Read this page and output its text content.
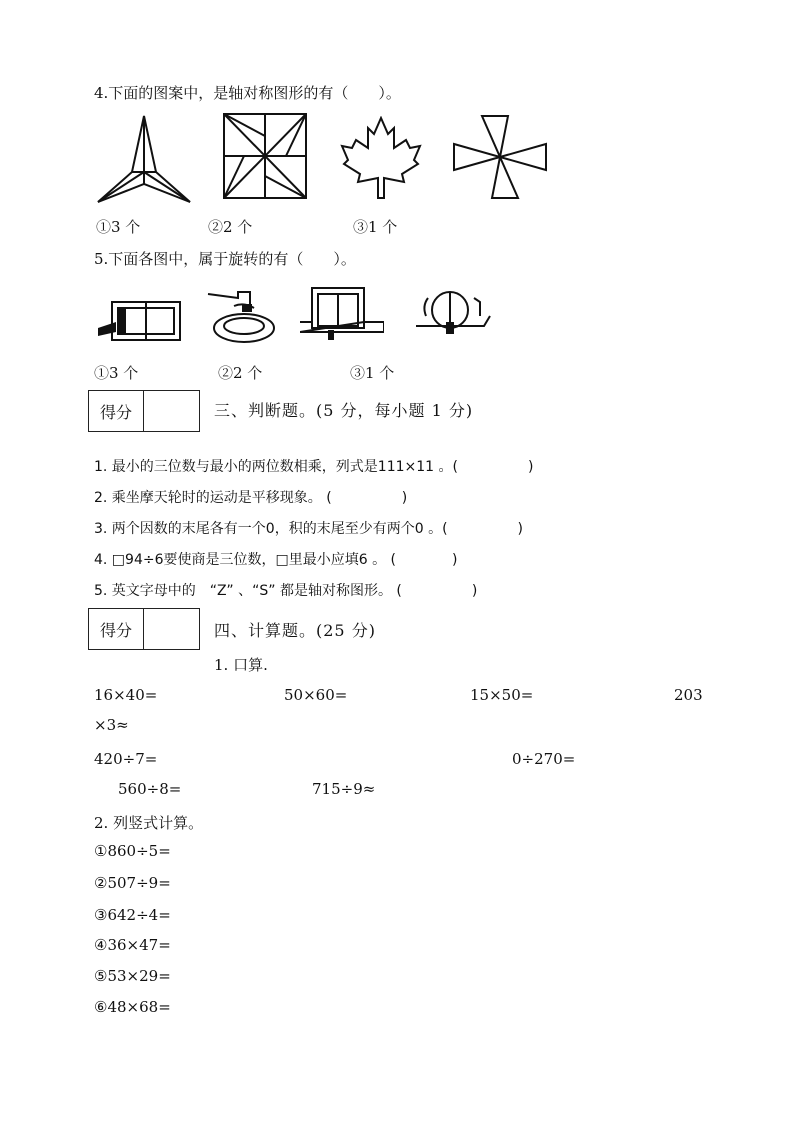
4.下面的图案中，是轴对称图形的有（　　）。
①3 个	②2 个	③1 个
5.下面各图中，属于旋转的有（　　）。
①3 个	②2 个	③1 个
得分	三、判断题。(5 分，每小题 1 分)
1. 最小的三位数与最小的两位数相乘，列式是111×11 。(　　　　　)
2. 乘坐摩天轮时的运动是平移现象。 (　　　　　)
3. 两个因数的末尾各有一个0，积的末尾至少有两个0 。(　　　　　)
4. □94÷6要使商是三位数，□里最小应填6 。 (　　　　)
5. 英文字母中的　“Z” 、“S” 都是轴对称图形。 (　　　　　)
得分	四、计算题。(25 分)
1. 口算.
16×40=	50×60=	15×50=	203
×3≈
420÷7=	0÷270=
560÷8=	715÷9≈
2. 列竖式计算。
①860÷5=
②507÷9=
③642÷4=
④36×47=
⑤53×29=
⑥48×68=
